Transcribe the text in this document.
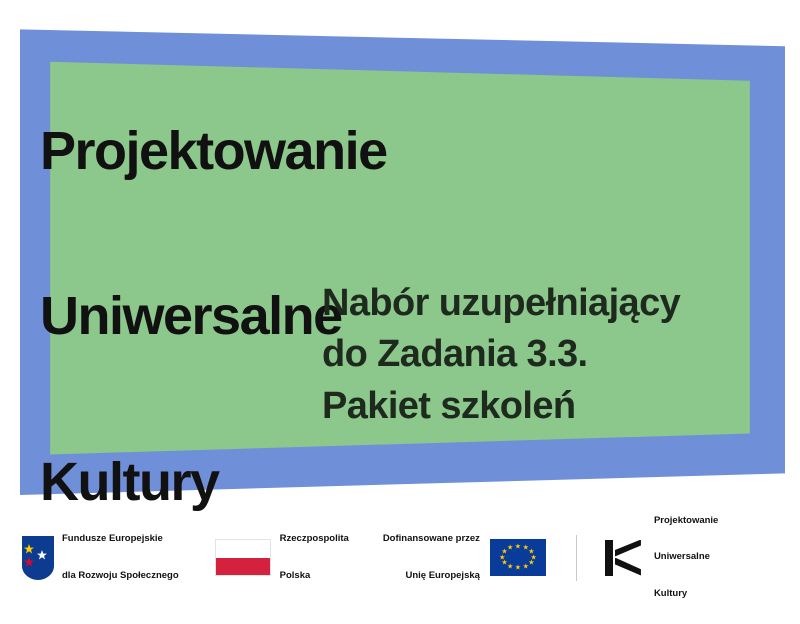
Projektowanie

Uniwersalne

Kultury

Nabór uzupełniający
do Zadania 3.3.
Pakiet szkoleń

Fundusze Europejskie

dla Rozwoju Społecznego

Rzeczpospolita

Polska

Dofinansowane przez

Unię Europejską

★ ★ ★
★
★
★
★
★
★
★
★ ★

Projektowanie

Uniwersalne

Kultury
